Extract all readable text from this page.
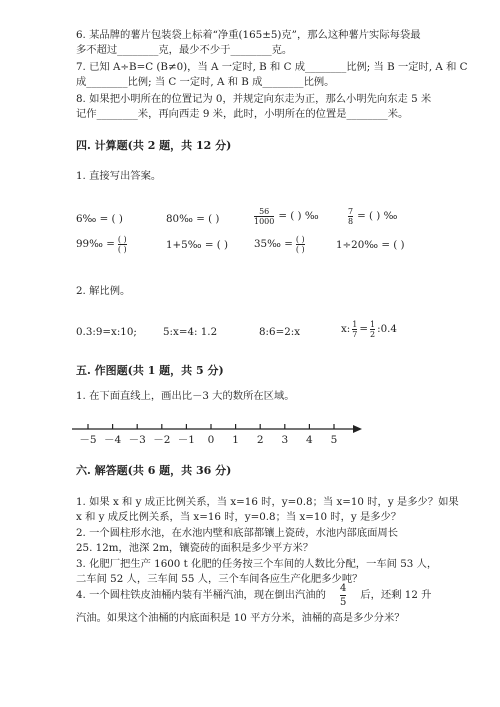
6. 某品牌的薯片包装袋上标着“净重(165±5)克”，那么这种薯片实际每袋最
多不超过________克，最少不少于________克。
7. 已知 A÷B=C (B≠0)，当 A 一定时, B 和 C 成________比例; 当 B 一定时, A 和 C
成________比例; 当 C 一定时, A 和 B 成________比例。
8. 如果把小明所在的位置记为 0，并规定向东走为正，那么小明先向东走 5 米
记作________米，再向西走 9 米，此时，小明所在的位置是________米。
四. 计算题(共 2 题，共 12 分)
1. 直接写出答案。
6‰ = ( )	80‰ = ( )	$\frac{56}{1000}$ = ( ) ‰	$\frac{7}{8}$ = ( ) ‰
99‰ = $\frac{( )}{( )}$	1+5‰ = ( )	35‰ = $\frac{( )}{( )}$	1÷20‰ = ( )
2. 解比例。
0.3:9=x:10;	5:x=4: 1.2	8:6=2:x	x: $\frac{1}{7} = \frac{1}{2}$ :0.4
五. 作图题(共 1 题，共 5 分)
1. 在下面直线上，画出比－3 大的数所在区域。
－5 －4 －3 －2 －1 0 1 2 3 4 5
六. 解答题(共 6 题，共 36 分)
1. 如果 x 和 y 成正比例关系，当 x=16 时，y=0.8；当 x=10 时，y 是多少？如果
x 和 y 成反比例关系，当 x=16 时，y=0.8；当 x=10 时，y 是多少？
2. 一个圆柱形水池，在水池内壁和底部都镶上瓷砖，水池内部底面周长
25. 12m，池深 2m，镶瓷砖的面积是多少平方米？
3. 化肥厂把生产 1600 t 化肥的任务按三个车间的人数比分配，一车间 53 人，
二车间 52 人，三车间 55 人，三个车间各应生产化肥多少吨？
4. 一个圆柱铁皮油桶内装有半桶汽油，现在倒出汽油的 $\frac{4}{5}$ 后，还剩 12 升
汽油。如果这个油桶的内底面积是 10 平方分米，油桶的高是多少分米？
